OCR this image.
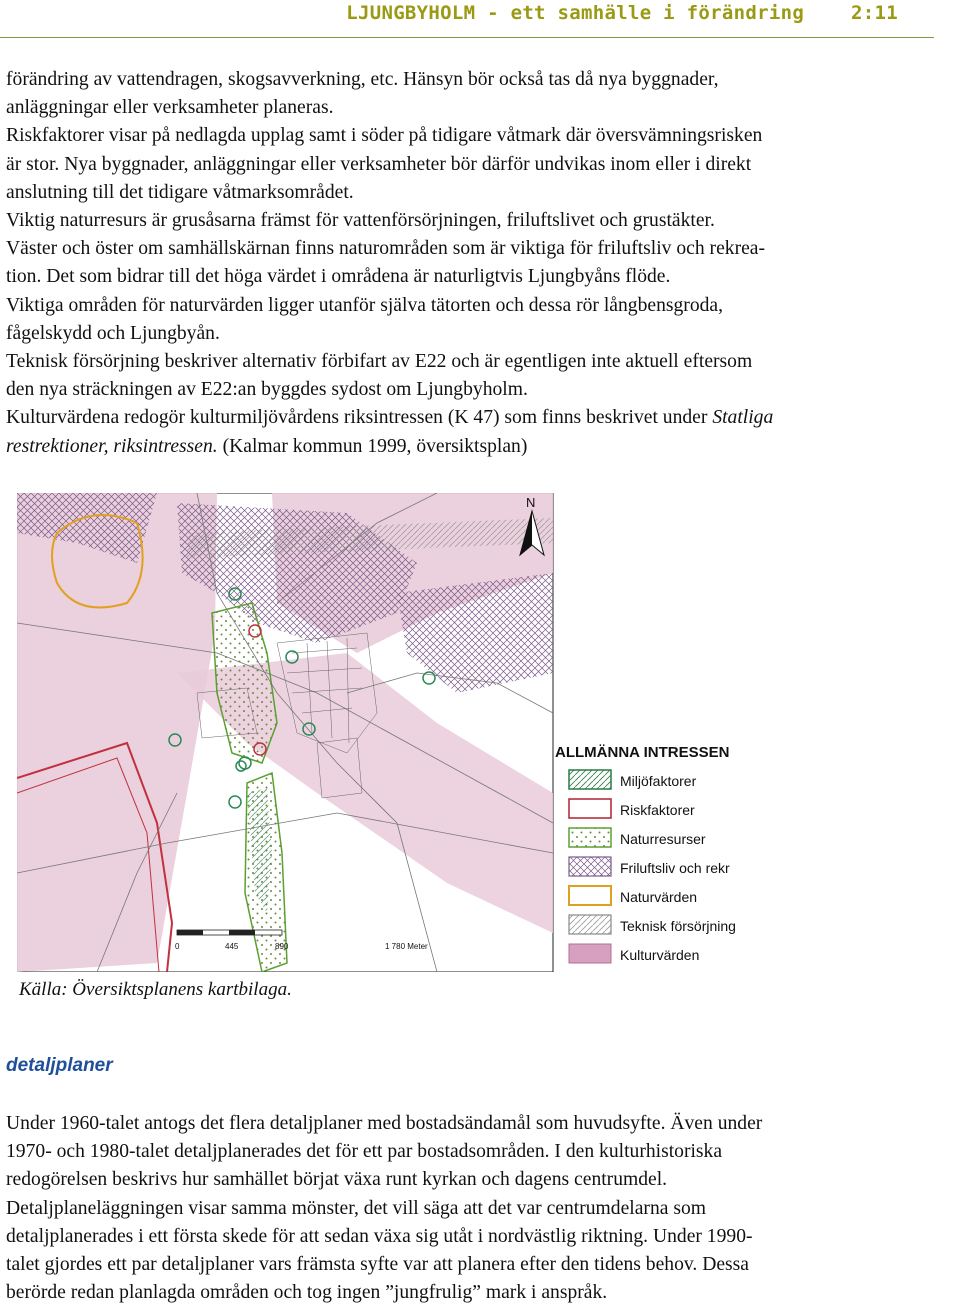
LJUNGBYHOLM - ett samhälle i förändring 2:11

förändring av vattendragen, skogsavverkning, etc. Hänsyn bör också tas då nya byggnader,
anläggningar eller verksamheter planeras.

Riskfaktorer visar på nedlagda upplag samt i söder på tidigare våtmark där översvämningsrisken
är stor. Nya byggnader, anläggningar eller verksamheter bör därför undvikas inom eller i direkt
anslutning till det tidigare våtmarksområdet.

Viktig naturresurs är grusåsarna främst för vattenförsörjningen, friluftslivet och grustäkter.

Väster och öster om samhällskärnan finns naturområden som är viktiga för friluftsliv och rekrea-
tion. Det som bidrar till det höga värdet i områdena är naturligtvis Ljungbyåns flöde.

Viktiga områden för naturvärden ligger utanför själva tätorten och dessa rör långbensgroda,
fågelskydd och Ljungbyån.

Teknisk försörjning beskriver alternativ förbifart av E22 och är egentligen inte aktuell eftersom
den nya sträckningen av E22:an byggdes sydost om Ljungbyholm.

Kulturvärdena redogör kulturmiljövårdens riksintressen (K 47) som finns beskrivet under Statliga
restrektioner, riksintressen. (Kalmar kommun 1999, översiktsplan)

N
0	445	890	1 780 Meter
ALLMÄNNA INTRESSEN
Miljöfaktorer
Riskfaktorer
Naturresurser
Friluftsliv och rekr
Naturvärden
Teknisk försörjning
Kulturvärden
Källa: Översiktsplanens kartbilaga.
detaljplaner
Under 1960-talet antogs det flera detaljplaner med bostadsändamål som huvudsyfte. Även under
1970- och 1980-talet detaljplanerades det för ett par bostadsområden. I den kulturhistoriska
redogörelsen beskrivs hur samhället börjat växa runt kyrkan och dagens centrumdel.
Detaljplaneläggningen visar samma mönster, det vill säga att det var centrumdelarna som
detaljplanerades i ett första skede för att sedan växa sig utåt i nordvästlig riktning. Under 1990-
talet gjordes ett par detaljplaner vars främsta syfte var att planera efter den tidens behov. Dessa
berörde redan planlagda områden och tog ingen ”jungfrulig” mark i anspråk.
